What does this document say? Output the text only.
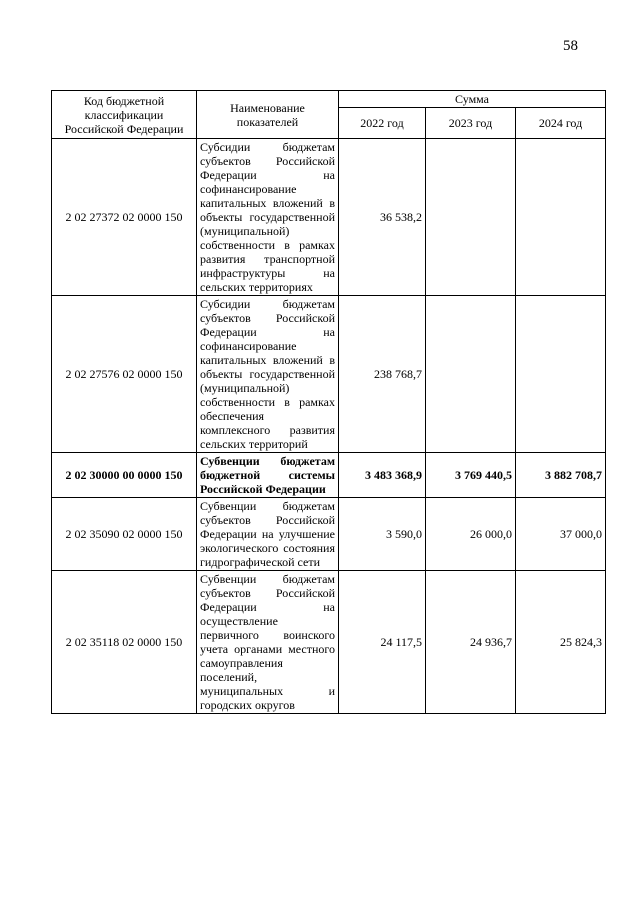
58
Код бюджетной классификации Российской Федерации	Наименование показателей	Сумма		
		2022 год	2023 год	2024 год
2 02 27372 02 0000 150	Субсидии бюджетам субъектов Российской Федерации на софинансирование капитальных вложений в объекты государственной (муниципальной) собственности в рамках развития транспортной инфраструктуры на сельских территориях	36 538,2		
2 02 27576 02 0000 150	Субсидии бюджетам субъектов Российской Федерации на софинансирование капитальных вложений в объекты государственной (муниципальной) собственности в рамках обеспечения комплексного развития сельских территорий	238 768,7		
2 02 30000 00 0000 150	Субвенции бюджетам бюджетной системы Российской Федерации	3 483 368,9	3 769 440,5	3 882 708,7
2 02 35090 02 0000 150	Субвенции бюджетам субъектов Российской Федерации на улучшение экологического состояния гидрографической сети	3 590,0	26 000,0	37 000,0
2 02 35118 02 0000 150	Субвенции бюджетам субъектов Российской Федерации на осуществление первичного воинского учета органами местного самоуправления поселений, муниципальных и городских округов	24 117,5	24 936,7	25 824,3
